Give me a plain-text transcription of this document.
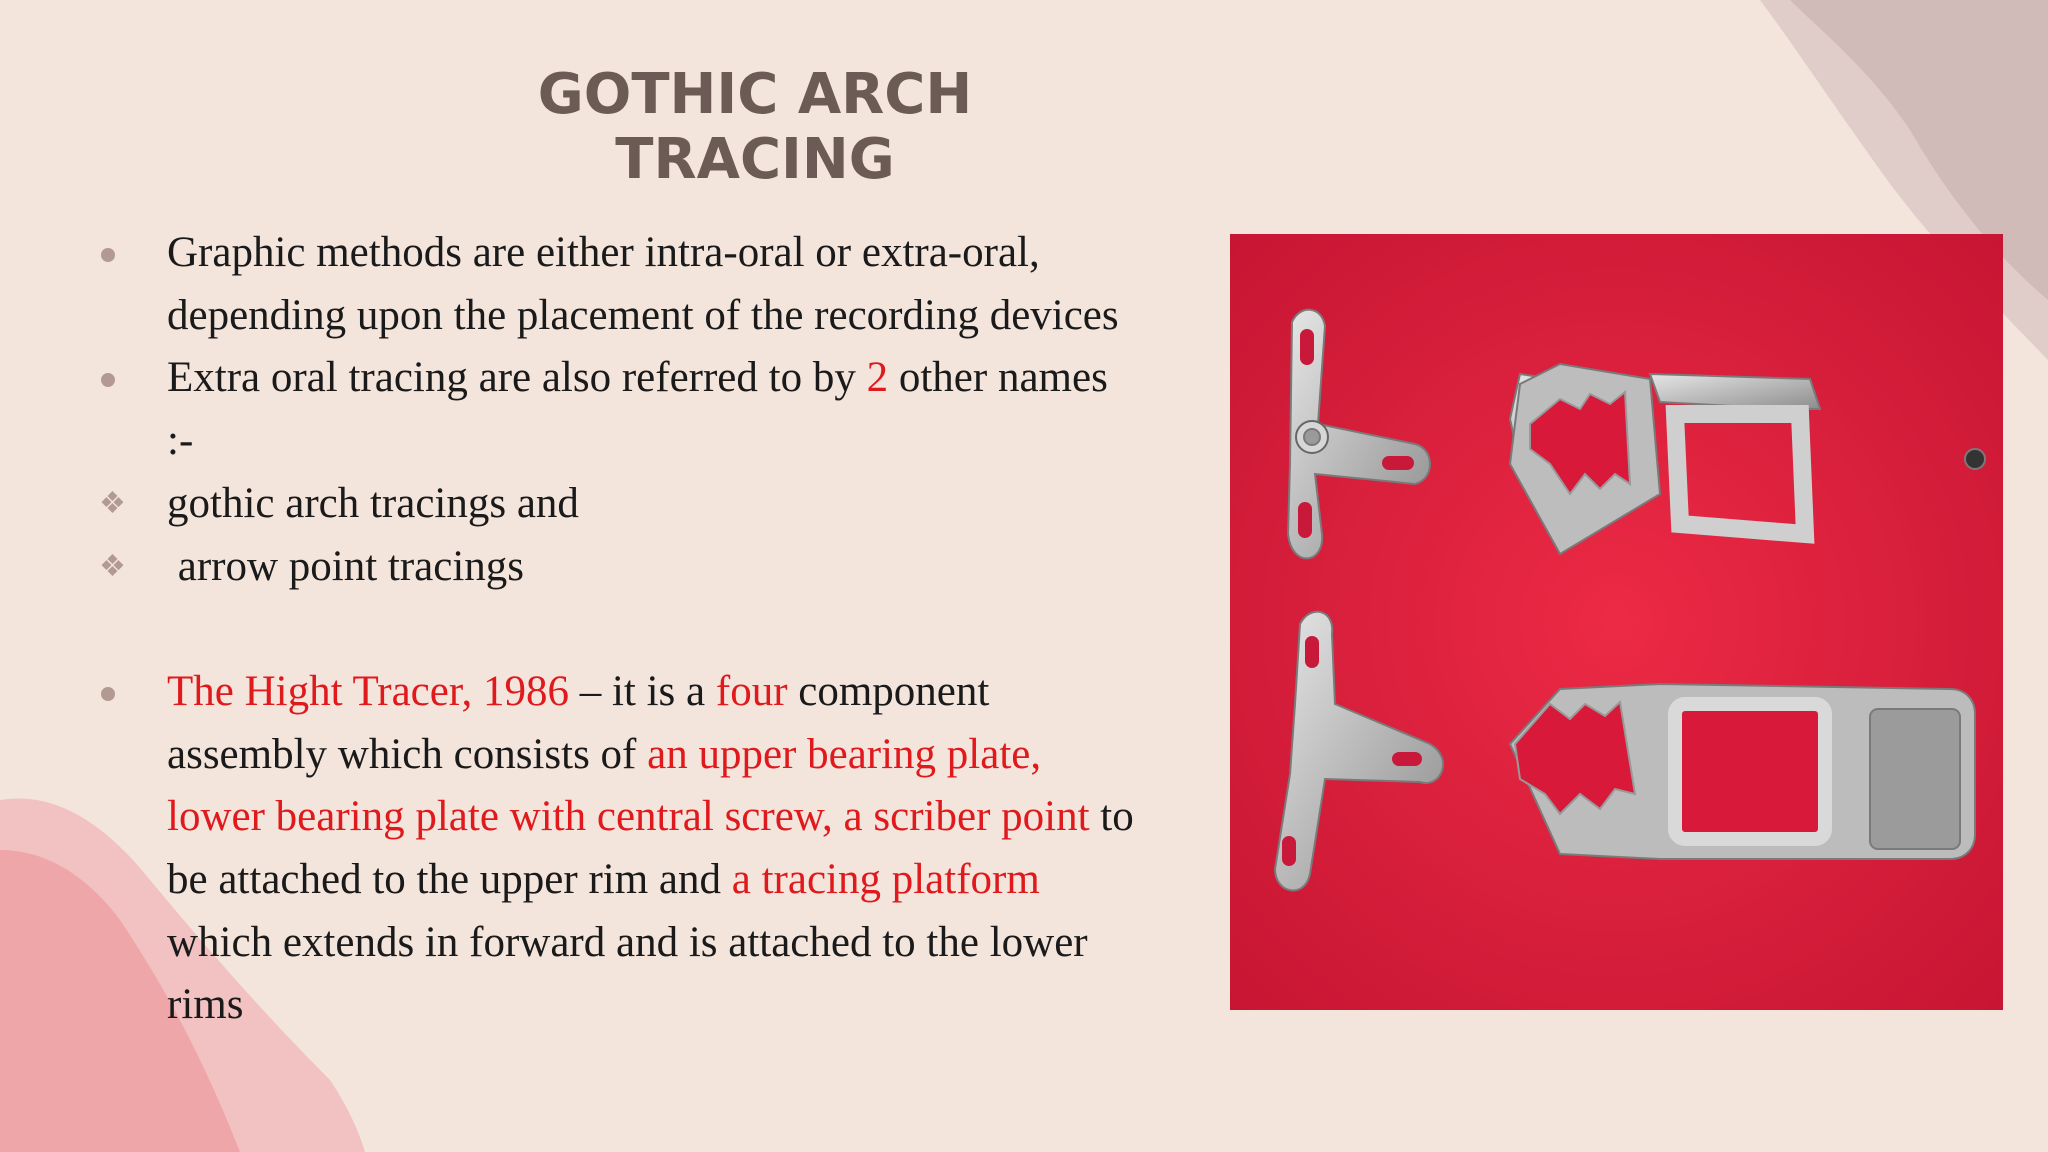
GOTHIC ARCH TRACING
Graphic methods are either intra-oral or extra-oral, depending upon the placement of the recording devices
Extra oral tracing are also referred to by 2 other names :-
❖ gothic arch tracings and
❖ arrow point tracings
The Hight Tracer, 1986 – it is a four component assembly which consists of an upper bearing plate, lower bearing plate with central screw, a scriber point to be attached to the upper rim and a tracing platform which extends in forward and is attached to the lower rims
